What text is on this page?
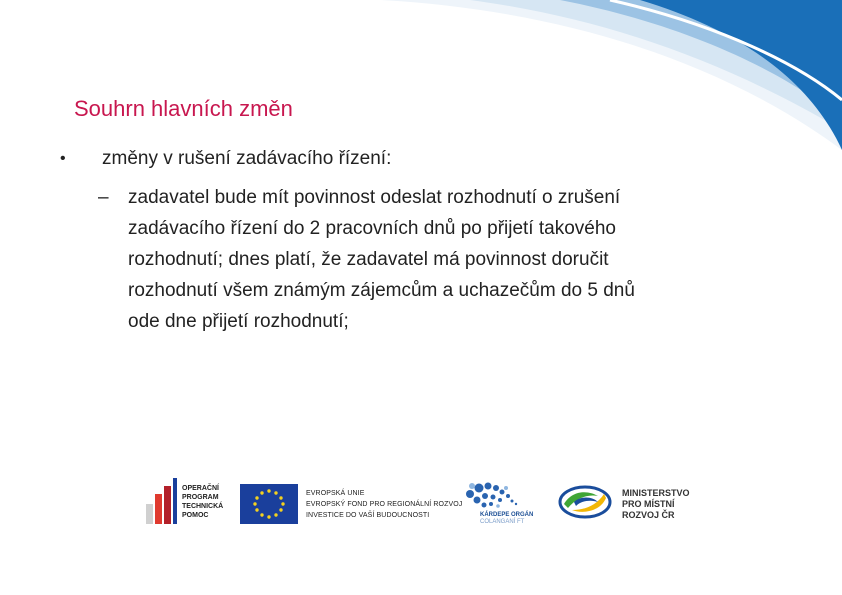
Souhrn hlavních změn
• změny v rušení zadávacího řízení:
– zadavatel bude mít povinnost odeslat rozhodnutí o zrušení
zadávacího řízení do 2 pracovních dnů po přijetí takového
rozhodnutí; dnes platí, že zadavatel má povinnost doručit
rozhodnutí všem známým zájemcům a uchazečům do 5 dnů
ode dne přijetí rozhodnutí;
OPERAČNÍ
PROGRAM
TECHNICKÁ
POMOC
EVROPSKÁ UNIE
EVROPSKÝ FOND PRO REGIONÁLNÍ ROZVOJ
INVESTICE DO VAŠÍ BUDOUCNOSTI	KÁRDEPE ORGÁN
COLANGANÍ FT
MINISTERSTVO
PRO MÍSTNÍ
ROZVOJ ČR
